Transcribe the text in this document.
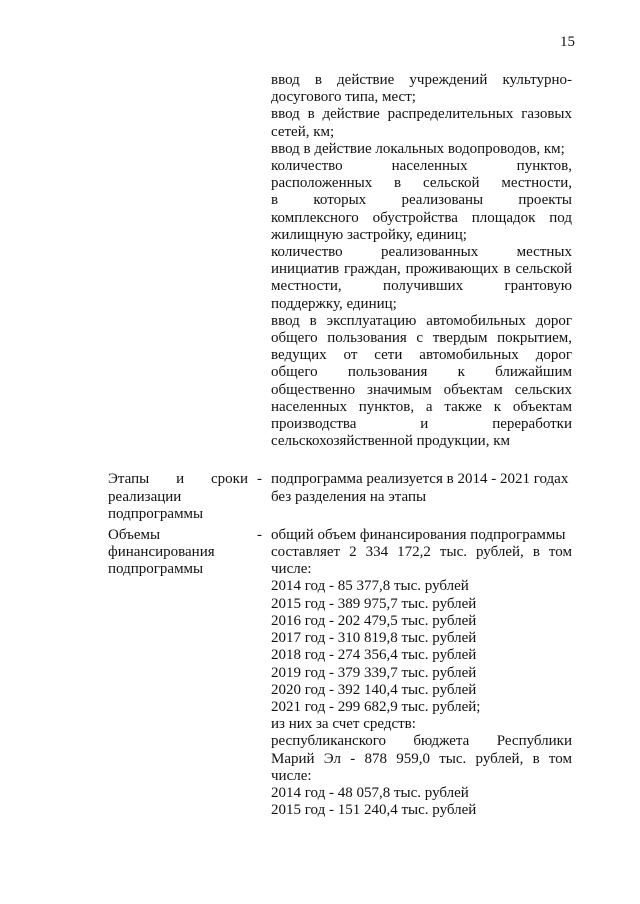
15
ввод в действие учреждений культурно-
досугового типа, мест;
ввод в действие распределительных газовых
сетей, км;
ввод в действие локальных водопроводов, км;
количество населенных пунктов,
расположенных в сельской местности,
в которых реализованы проекты
комплексного обустройства площадок под
жилищную застройку, единиц;
количество реализованных местных
инициатив граждан, проживающих в сельской
местности, получивших грантовую
поддержку, единиц;
ввод в эксплуатацию автомобильных дорог
общего пользования с твердым покрытием,
ведущих от сети автомобильных дорог
общего пользования к ближайшим
общественно значимым объектам сельских
населенных пунктов, а также к объектам
производства и переработки
сельскохозяйственной продукции, км
Этапы и сроки
реализации
подпрограммы
- подпрограмма реализуется в 2014 - 2021 годах
без разделения на этапы
Объемы
финансирования
подпрограммы
- общий объем финансирования подпрограммы
составляет 2 334 172,2 тыс. рублей, в том
числе:
2014 год - 85 377,8 тыс. рублей
2015 год - 389 975,7 тыс. рублей
2016 год - 202 479,5 тыс. рублей
2017 год - 310 819,8 тыс. рублей
2018 год - 274 356,4 тыс. рублей
2019 год - 379 339,7 тыс. рублей
2020 год - 392 140,4 тыс. рублей
2021 год - 299 682,9 тыс. рублей;
из них за счет средств:
республиканского бюджета Республики
Марий Эл - 878 959,0 тыс. рублей, в том
числе:
2014 год - 48 057,8 тыс. рублей
2015 год - 151 240,4 тыс. рублей
